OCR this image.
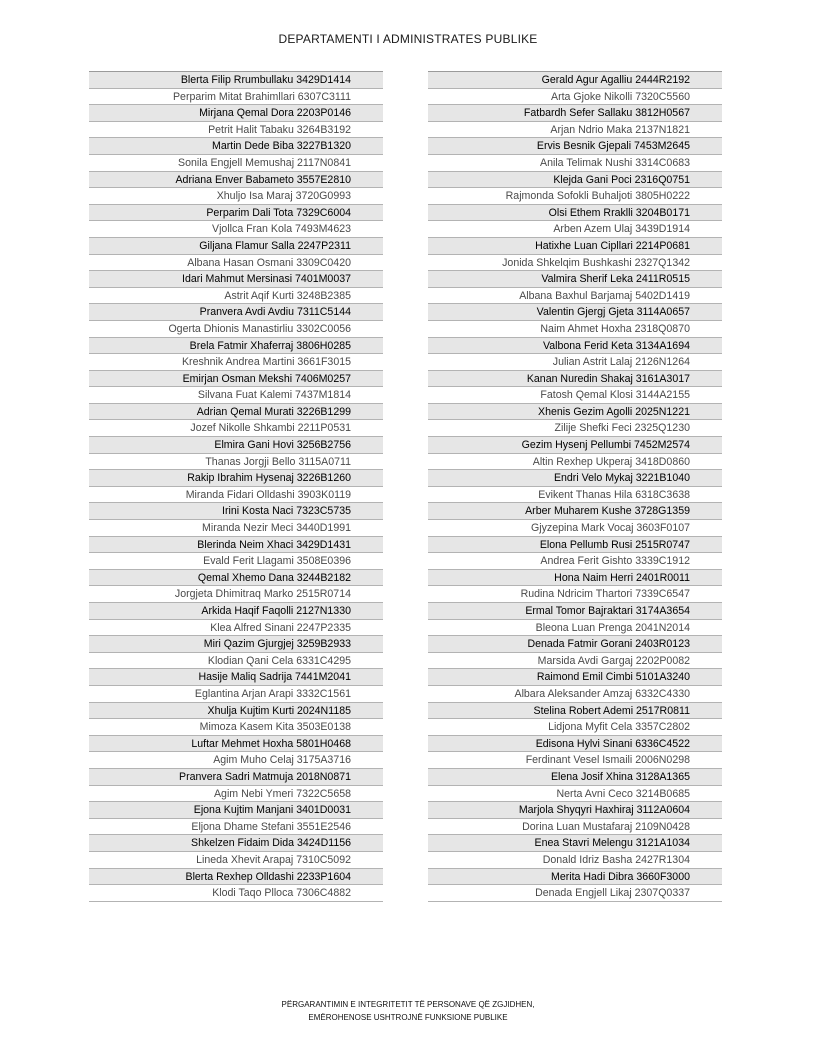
DEPARTAMENTI I ADMINISTRATES PUBLIKE
Blerta Filip Rrumbullaku 3429D1414
Perparim Mitat Brahimllari 6307C3111
Mirjana Qemal Dora 2203P0146
Petrit Halit Tabaku 3264B3192
Martin Dede Biba 3227B1320
Sonila Engjell Memushaj 2117N0841
Adriana Enver Babameto 3557E2810
Xhuljo Isa Maraj 3720G0993
Perparim Dali Tota 7329C6004
Vjollca Fran Kola 7493M4623
Giljana Flamur Salla 2247P2311
Albana Hasan Osmani 3309C0420
Idari Mahmut Mersinasi 7401M0037
Astrit Aqif Kurti 3248B2385
Pranvera Avdi Avdiu 7311C5144
Ogerta Dhionis Manastirliu 3302C0056
Brela Fatmir Xhaferraj 3806H0285
Kreshnik Andrea Martini 3661F3015
Emirjan Osman Mekshi 7406M0257
Silvana Fuat Kalemi 7437M1814
Adrian Qemal Murati 3226B1299
Jozef Nikolle Shkambi 2211P0531
Elmira Gani Hovi 3256B2756
Thanas Jorgji Bello 3115A0711
Rakip Ibrahim Hysenaj 3226B1260
Miranda Fidari Olldashi 3903K0119
Irini Kosta Naci 7323C5735
Miranda Nezir Meci 3440D1991
Blerinda Neim Xhaci 3429D1431
Evald Ferit Llagami 3508E0396
Qemal Xhemo Dana 3244B2182
Jorgjeta Dhimitraq Marko 2515R0714
Arkida Haqif Faqolli 2127N1330
Klea Alfred Sinani 2247P2335
Miri Qazim Gjurgjej 3259B2933
Klodian Qani Cela 6331C4295
Hasije Maliq Sadrija 7441M2041
Eglantina Arjan Arapi 3332C1561
Xhulja Kujtim Kurti 2024N1185
Mimoza Kasem Kita 3503E0138
Luftar Mehmet Hoxha 5801H0468
Agim Muho Celaj 3175A3716
Pranvera Sadri Matmuja 2018N0871
Agim Nebi Ymeri 7322C5658
Ejona Kujtim Manjani 3401D0031
Eljona Dhame Stefani 3551E2546
Shkelzen Fidaim Dida 3424D1156
Lineda Xhevit Arapaj 7310C5092
Blerta Rexhep Olldashi 2233P1604
Klodi Taqo Plloca 7306C4882
Gerald Agur Agalliu 2444R2192
Arta Gjoke Nikolli 7320C5560
Fatbardh Sefer Sallaku 3812H0567
Arjan Ndrio Maka 2137N1821
Ervis Besnik Gjepali 7453M2645
Anila Telimak Nushi 3314C0683
Klejda Gani Poci 2316Q0751
Rajmonda Sofokli Buhaljoti 3805H0222
Olsi Ethem Rraklli 3204B0171
Arben Azem Ulaj 3439D1914
Hatixhe Luan Cipllari 2214P0681
Jonida Shkelqim Bushkashi 2327Q1342
Valmira Sherif Leka 2411R0515
Albana Baxhul Barjamaj 5402D1419
Valentin Gjergj Gjeta 3114A0657
Naim Ahmet Hoxha 2318Q0870
Valbona Ferid Keta 3134A1694
Julian Astrit Lalaj 2126N1264
Kanan Nuredin Shakaj 3161A3017
Fatosh Qemal Klosi 3144A2155
Xhenis Gezim Agolli 2025N1221
Zilije Shefki Feci 2325Q1230
Gezim Hysenj Pellumbi 7452M2574
Altin Rexhep Ukperaj 3418D0860
Endri Velo Mykaj 3221B1040
Evikent Thanas Hila 6318C3638
Arber Muharem Kushe 3728G1359
Gjyzepina Mark Vocaj 3603F0107
Elona Pellumb Rusi 2515R0747
Andrea Ferit Gishto 3339C1912
Hona Naim Herri 2401R0011
Rudina Ndricim Thartori 7339C6547
Ermal Tomor Bajraktari 3174A3654
Bleona Luan Prenga 2041N2014
Denada Fatmir Gorani 2403R0123
Marsida Avdi Gargaj 2202P0082
Raimond Emil Cimbi 5101A3240
Albara Aleksander Amzaj 6332C4330
Stelina Robert Ademi 2517R0811
Lidjona Myfit Cela 3357C2802
Edisona Hylvi Sinani 6336C4522
Ferdinant Vesel Ismaili 2006N0298
Elena Josif Xhina 3128A1365
Nerta Avni Ceco 3214B0685
Marjola Shyqyri Haxhiraj 3112A0604
Dorina Luan Mustafaraj 2109N0428
Enea Stavri Melengu 3121A1034
Donald Idriz Basha 2427R1304
Merita Hadi Dibra 3660F3000
Denada Engjell Likaj 2307Q0337
PËRGARANTIMIN E INTEGRITETIT TË PERSONAVE QË ZGJIDHEN,
EMËROHENOSE USHTROJNË FUNKSIONE PUBLIKE
